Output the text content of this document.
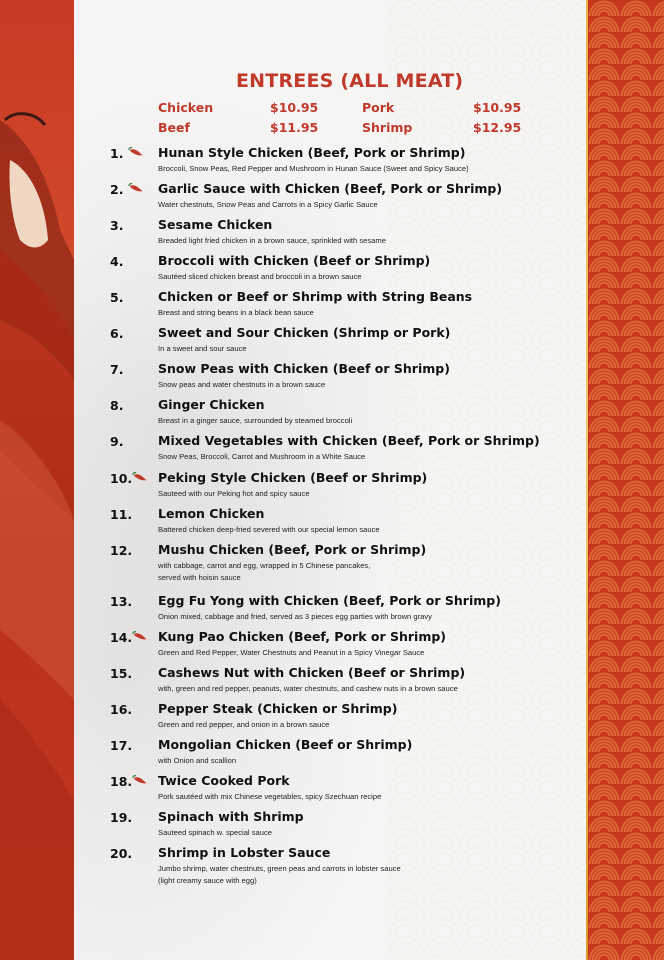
ENTREES (ALL MEAT)
Chicken	$10.95	Pork	$10.95
Beef	$11.95	Shrimp	$12.95
1.	Hunan Style Chicken (Beef, Pork or Shrimp)
Broccoli, Snow Peas, Red Pepper and Mushroom in Hunan Sauce (Sweet and Spicy Sauce)
2.	Garlic Sauce with Chicken (Beef, Pork or Shrimp)
Water chestnuts, Snow Peas and Carrots in a Spicy Garlic Sauce
3.	Sesame Chicken
Breaded light fried chicken in a brown sauce, sprinkled with sesame
4.	Broccoli with Chicken (Beef or Shrimp)
Sautéed sliced chicken breast and broccoli in a brown sauce
5.	Chicken or Beef or Shrimp with String Beans
Breast and string beans in a black bean sauce
6.	Sweet and Sour Chicken (Shrimp or Pork)
In a sweet and sour sauce
7.	Snow Peas with Chicken (Beef or Shrimp)
Snow peas and water chestnuts in a brown sauce
8.	Ginger Chicken
Breast in a ginger sauce, surrounded by steamed broccoli
9.	Mixed Vegetables with Chicken (Beef, Pork or Shrimp)
Snow Peas, Broccoli, Carrot and Mushroom in a White Sauce
10. Peking Style Chicken (Beef or Shrimp)
Sauteed with our Peking hot and spicy sauce
11. Lemon Chicken
Battered chicken deep-fried severed with our special lemon sauce
12. Mushu Chicken (Beef, Pork or Shrimp)
with cabbage, carrot and egg, wrapped in 5 Chinese pancakes,
served with hoisin sauce
13. Egg Fu Yong with Chicken (Beef, Pork or Shrimp)
Onion mixed, cabbage and fried, served as 3 pieces egg parties with brown gravy
14. Kung Pao Chicken (Beef, Pork or Shrimp)
Green and Red Pepper, Water Chestnuts and Peanut in a Spicy Vinegar Sauce
15. Cashews Nut with Chicken (Beef or Shrimp)
with, green and red pepper, peanuts, water chestnuts, and cashew nuts in a brown sauce
16. Pepper Steak (Chicken or Shrimp)
Green and red pepper, and onion in a brown sauce
17. Mongolian Chicken (Beef or Shrimp)
with Onion and scallion
18. Twice Cooked Pork
Pork sautéed with mix Chinese vegetables, spicy Szechuan recipe
19. Spinach with Shrimp
Sauteed spinach w. special sauce
20. Shrimp in Lobster Sauce
Jumbo shrimp, water chestnuts, green peas and carrots in lobster sauce
(light creamy sauce with egg)
